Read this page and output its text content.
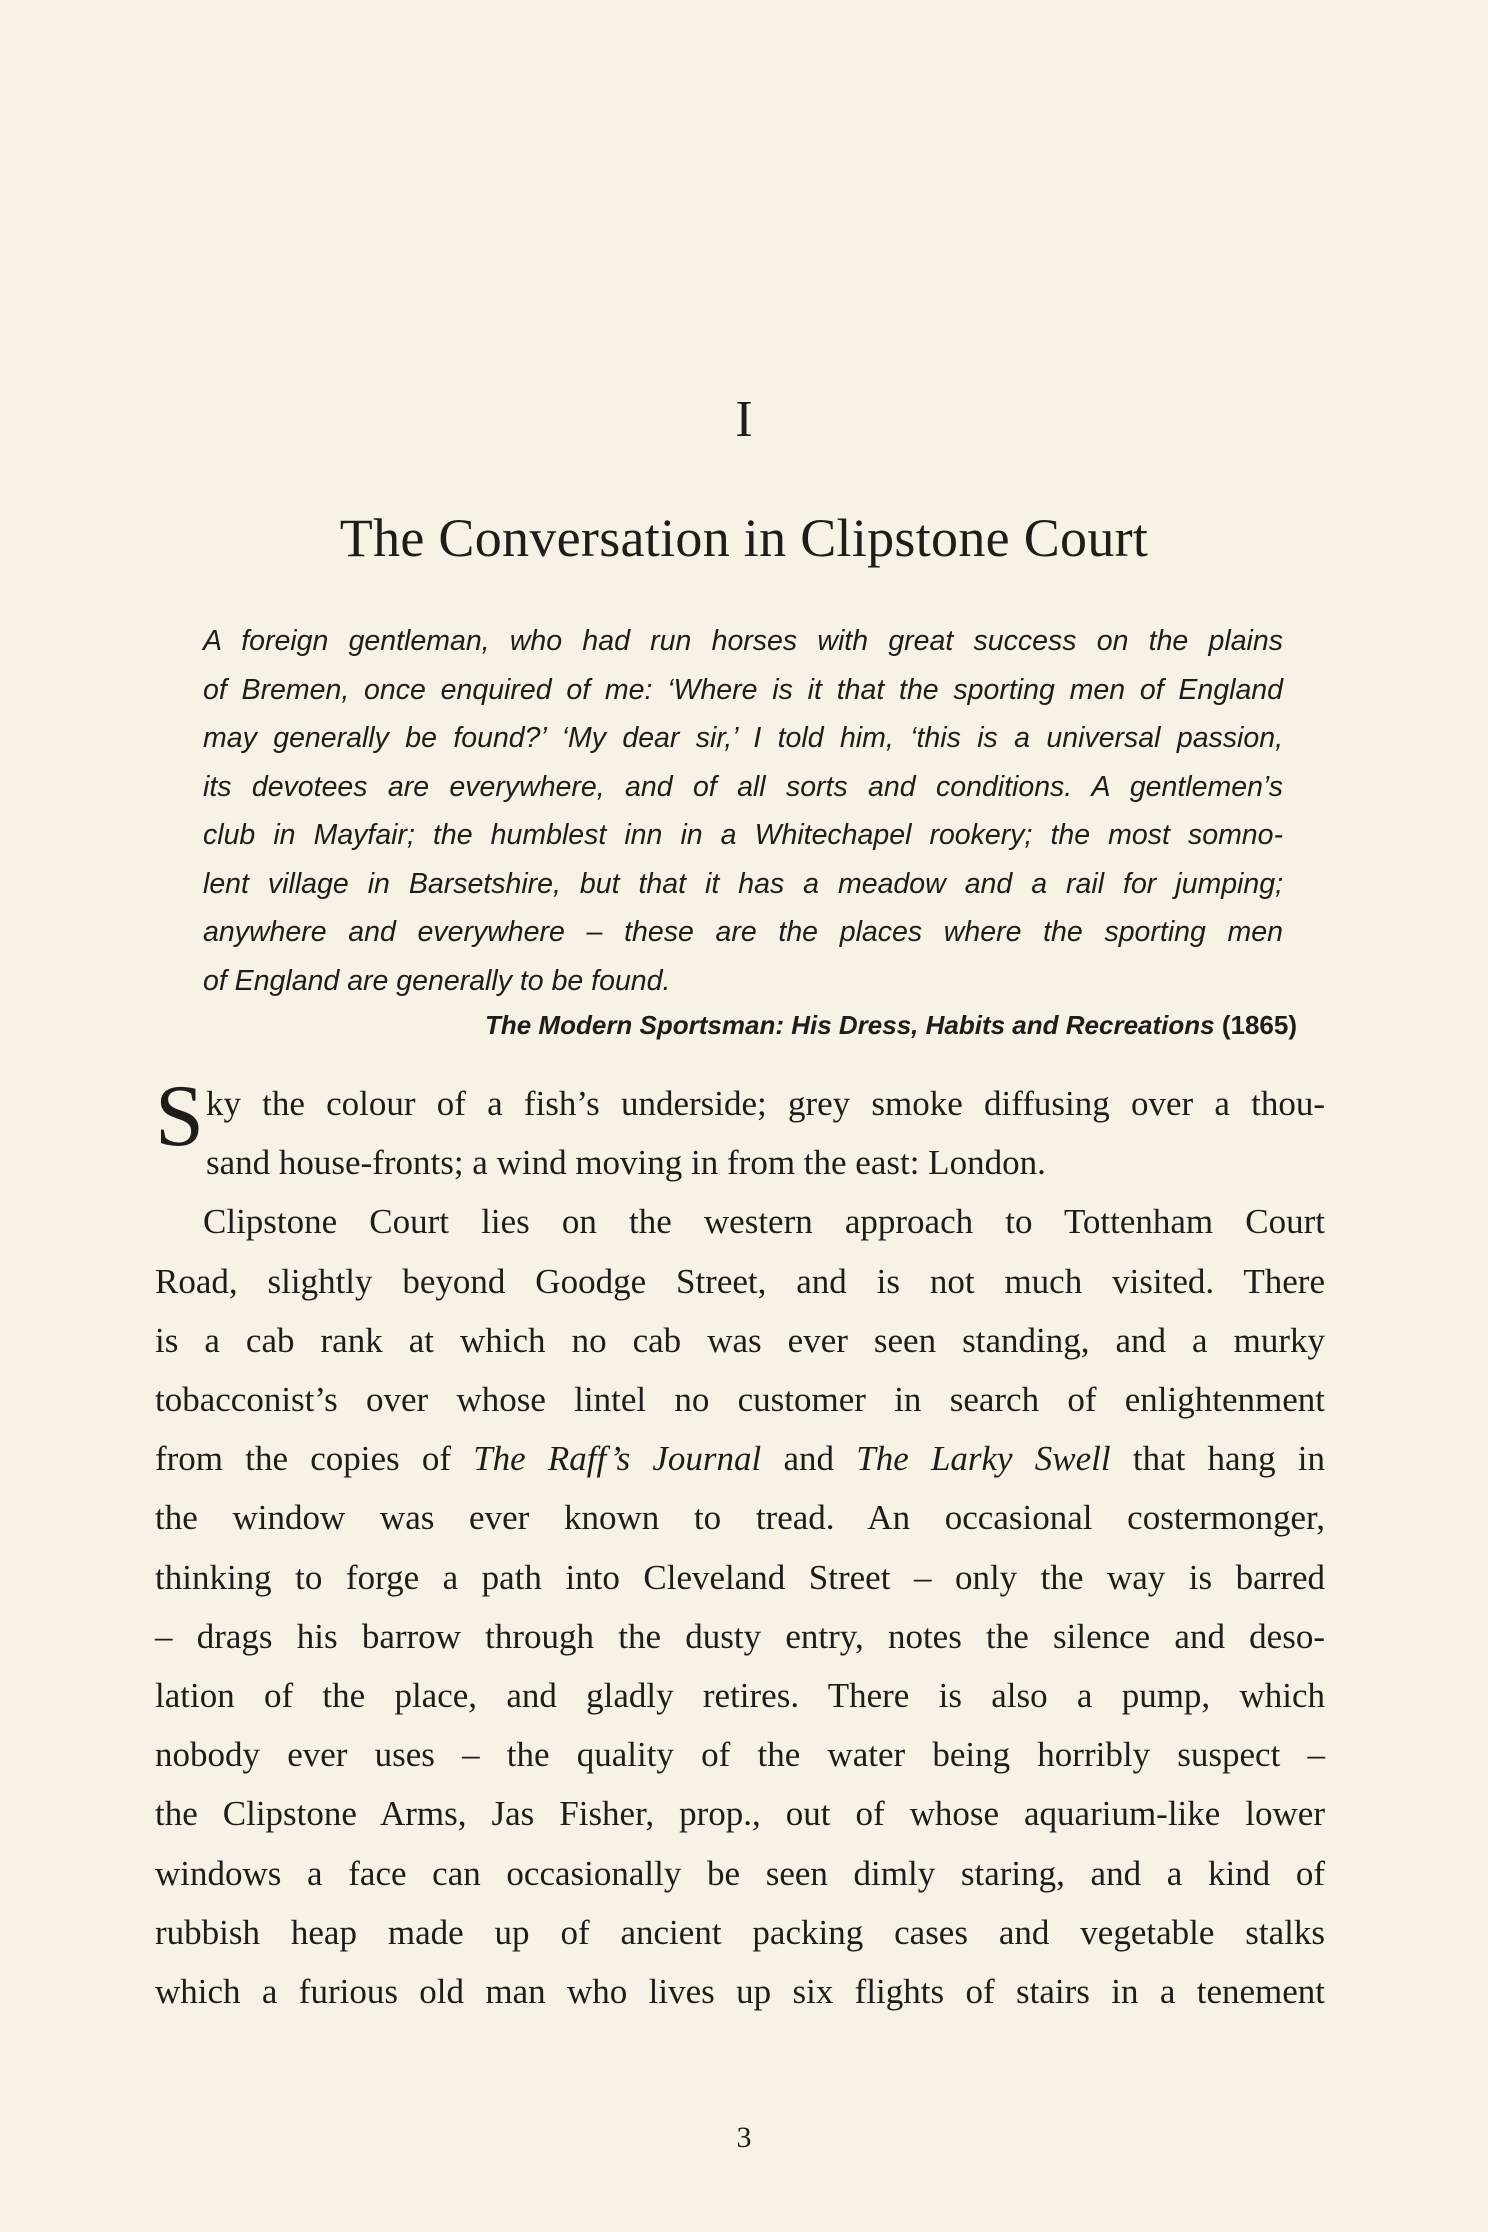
I
The Conversation in Clipstone Court
A foreign gentleman, who had run horses with great success on the plains
of Bremen, once enquired of me: ‘Where is it that the sporting men of England
may generally be found?’ ‘My dear sir,’ I told him, ‘this is a universal passion,
its devotees are everywhere, and of all sorts and conditions. A gentlemen’s
club in Mayfair; the humblest inn in a Whitechapel rookery; the most somno-
lent village in Barsetshire, but that it has a meadow and a rail for jumping;
anywhere and everywhere – these are the places where the sporting men
of England are generally to be found.
The Modern Sportsman: His Dress, Habits and Recreations (1865)
S ky the colour of a fish’s underside; grey smoke diffusing over a thou-
sand house-fronts; a wind moving in from the east: London.
Clipstone Court lies on the western approach to Tottenham Court
Road, slightly beyond Goodge Street, and is not much visited. There
is a cab rank at which no cab was ever seen standing, and a murky
tobacconist’s over whose lintel no customer in search of enlightenment
from the copies of The Raff’s Journal and The Larky Swell that hang in
the window was ever known to tread. An occasional costermonger,
thinking to forge a path into Cleveland Street – only the way is barred
– drags his barrow through the dusty entry, notes the silence and deso-
lation of the place, and gladly retires. There is also a pump, which
nobody ever uses – the quality of the water being horribly suspect –
the Clipstone Arms, Jas Fisher, prop., out of whose aquarium-like lower
windows a face can occasionally be seen dimly staring, and a kind of
rubbish heap made up of ancient packing cases and vegetable stalks
which a furious old man who lives up six flights of stairs in a tenement
3
